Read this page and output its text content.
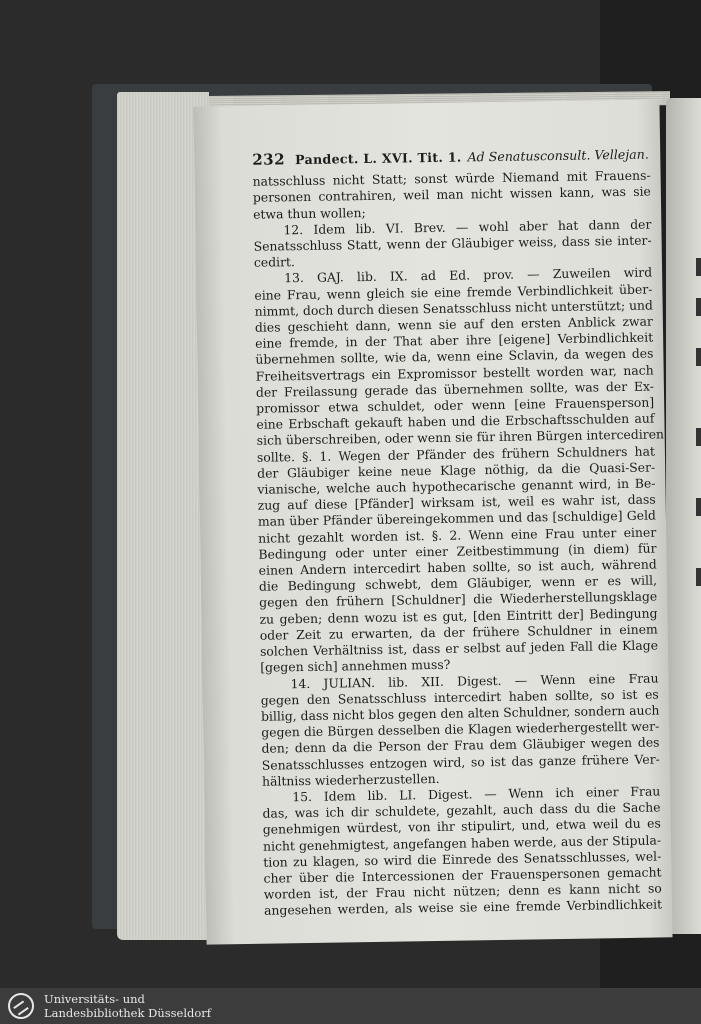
232 Pandect. L. XVI. Tit. 1. Ad Senatusconsult. Vellejan.
natsschluss nicht Statt; sonst würde Niemand mit Frauens-
personen contrahiren, weil man nicht wissen kann, was sie
etwa thun wollen;
12. Idem lib. VI. Brev. — wohl aber hat dann der
Senatsschluss Statt, wenn der Gläubiger weiss, dass sie inter-
cedirt.
13. GAJ. lib. IX. ad Ed. prov. — Zuweilen wird
eine Frau, wenn gleich sie eine fremde Verbindlichkeit über-
nimmt, doch durch diesen Senatsschluss nicht unterstützt; und
dies geschieht dann, wenn sie auf den ersten Anblick zwar
eine fremde, in der That aber ihre [eigene] Verbindlichkeit
übernehmen sollte, wie da, wenn eine Sclavin, da wegen des
Freiheitsvertrags ein Expromissor bestellt worden war, nach
der Freilassung gerade das übernehmen sollte, was der Ex-
promissor etwa schuldet, oder wenn [eine Frauensperson]
eine Erbschaft gekauft haben und die Erbschaftsschulden auf
sich überschreiben, oder wenn sie für ihren Bürgen intercediren
sollte. §. 1. Wegen der Pfänder des frühern Schuldners hat
der Gläubiger keine neue Klage nöthig, da die Quasi-Ser-
vianische, welche auch hypothecarische genannt wird, in Be-
zug auf diese [Pfänder] wirksam ist, weil es wahr ist, dass
man über Pfänder übereingekommen und das [schuldige] Geld
nicht gezahlt worden ist. §. 2. Wenn eine Frau unter einer
Bedingung oder unter einer Zeitbestimmung (in diem) für
einen Andern intercedirt haben sollte, so ist auch, während
die Bedingung schwebt, dem Gläubiger, wenn er es will,
gegen den frühern [Schuldner] die Wiederherstellungsklage
zu geben; denn wozu ist es gut, [den Eintritt der] Bedingung
oder Zeit zu erwarten, da der frühere Schuldner in einem
solchen Verhältniss ist, dass er selbst auf jeden Fall die Klage
[gegen sich] annehmen muss?
14. JULIAN. lib. XII. Digest. — Wenn eine Frau
gegen den Senatsschluss intercedirt haben sollte, so ist es
billig, dass nicht blos gegen den alten Schuldner, sondern auch
gegen die Bürgen desselben die Klagen wiederhergestellt wer-
den; denn da die Person der Frau dem Gläubiger wegen des
Senatsschlusses entzogen wird, so ist das ganze frühere Ver-
hältniss wiederherzustellen.
15. Idem lib. LI. Digest. — Wenn ich einer Frau
das, was ich dir schuldete, gezahlt, auch dass du die Sache
genehmigen würdest, von ihr stipulirt, und, etwa weil du es
nicht genehmigtest, angefangen haben werde, aus der Stipula-
tion zu klagen, so wird die Einrede des Senatsschlusses, wel-
cher über die Intercessionen der Frauenspersonen gemacht
worden ist, der Frau nicht nützen; denn es kann nicht so
angesehen werden, als weise sie eine fremde Verbindlichkeit
Universitäts- und
Landesbibliothek Düsseldorf
